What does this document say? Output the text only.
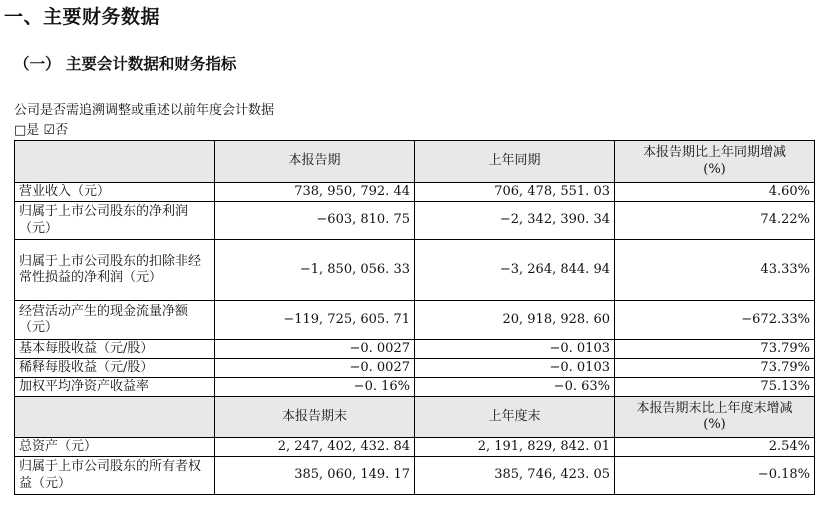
一、主要财务数据
（一） 主要会计数据和财务指标
公司是否需追溯调整或重述以前年度会计数据
□是 ☑否
	本报告期	上年同期	本报告期比上年同期增减
(%)

营业收入（元）	738, 950, 792. 44	706, 478, 551. 03	4.60%
归属于上市公司股东的净利润（元）	−603, 810. 75	−2, 342, 390. 34	74.22%
归属于上市公司股东的扣除非经常性损益的净利润（元）	−1, 850, 056. 33	−3, 264, 844. 94	43.33%
经营活动产生的现金流量净额（元）	−119, 725, 605. 71	20, 918, 928. 60	−672.33%
基本每股收益（元/股）	−0. 0027	−0. 0103	73.79%
稀释每股收益（元/股）	−0. 0027	−0. 0103	73.79%
加权平均净资产收益率	−0. 16%	−0. 63%	75.13%
	本报告期末	上年度末	本报告期末比上年度末增减
(%)

总资产（元）	2, 247, 402, 432. 84	2, 191, 829, 842. 01	2.54%
归属于上市公司股东的所有者权益（元）	385, 060, 149. 17	385, 746, 423. 05	−0.18%
